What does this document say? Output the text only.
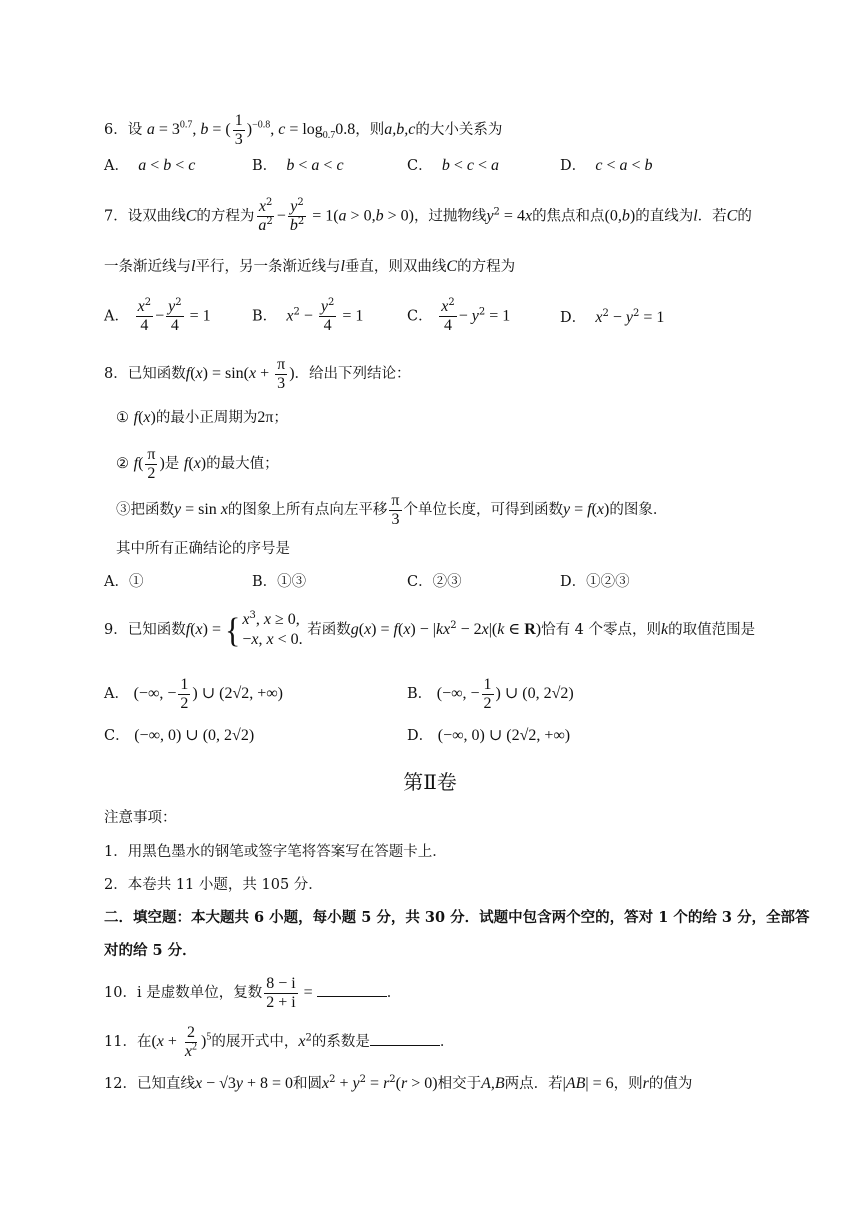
6．设 $a = 3^{0.7}$, b = ( $\frac{1}{3} )^{-0.8}$, $c = \log_{0.7}0.8$，则a,b,c的大小关系为
A． a < b < c	B． b < a < c	C． b < c < a	D． c < a < b
7．设双曲线C的方程为 $\frac{x^2}{a^2} - \frac{y^2}{b^2} = 1(a > 0,b > 0)$，过抛物线$y^2 = 4x$的焦点和点(0,b)的直线为l．若C的
一条渐近线与l平行，另一条渐近线与l垂直，则双曲线C的方程为
A． $\frac{x^2}{4} - \frac{y^2}{4} = 1$	B． $x^2 - \frac{y^2}{4} = 1$	C． $\frac{x^2}{4} - y^2 = 1$	D． $x^2 - y^2 = 1$
8．已知函数$f(x) = \sin(x + \frac{\pi}{3}$ )．给出下列结论：
① f(x)的最小正周期为2π；
② $f( \frac{\pi}{2}$ )是 f(x)的最大值；
③把函数y = sin x的图象上所有点向左平移 $\frac{\pi}{3}$ 个单位长度，可得到函数y = f(x)的图象．
其中所有正确结论的序号是
A．①	B．①③	C．②③	D．①②③
9．已知函数f(x) = { $x^3$, x ≥ 0,
−x, x < 0.
若函数$g(x) = f(x) - |kx^2 - 2x|(k$ ∈ R)恰有 4 个零点，则k的取值范围是
A． (−∞, − $\frac{1}{2}$ ) ∪ (2√2, +∞)	B． (−∞, − $\frac{1}{2}$ ) ∪ (0, 2√2)
C． (−∞, 0) ∪ (0, 2√2)	D． (−∞, 0) ∪ (2√2, +∞)
第Ⅱ卷
注意事项：
1．用黑色墨水的钢笔或签字笔将答案写在答题卡上．
2．本卷共 11 小题，共 105 分．
二．填空题：本大题共 6 小题，每小题 5 分，共 30 分．试题中包含两个空的，答对 1 个的给 3 分，全部答
对的给 5 分．
10．i 是虚数单位，复数 $\frac{8 - i}{2 + i}$ =	．
11．在$(x + \frac{2}{x^2} )^5$的展开式中，$x^2$的系数是	．
12．已知直线x − √3y + 8 = 0和圆$x^2 + y^2 = r^2(r > 0)$相交于A,B两点．若|AB| = 6，则r的值为
